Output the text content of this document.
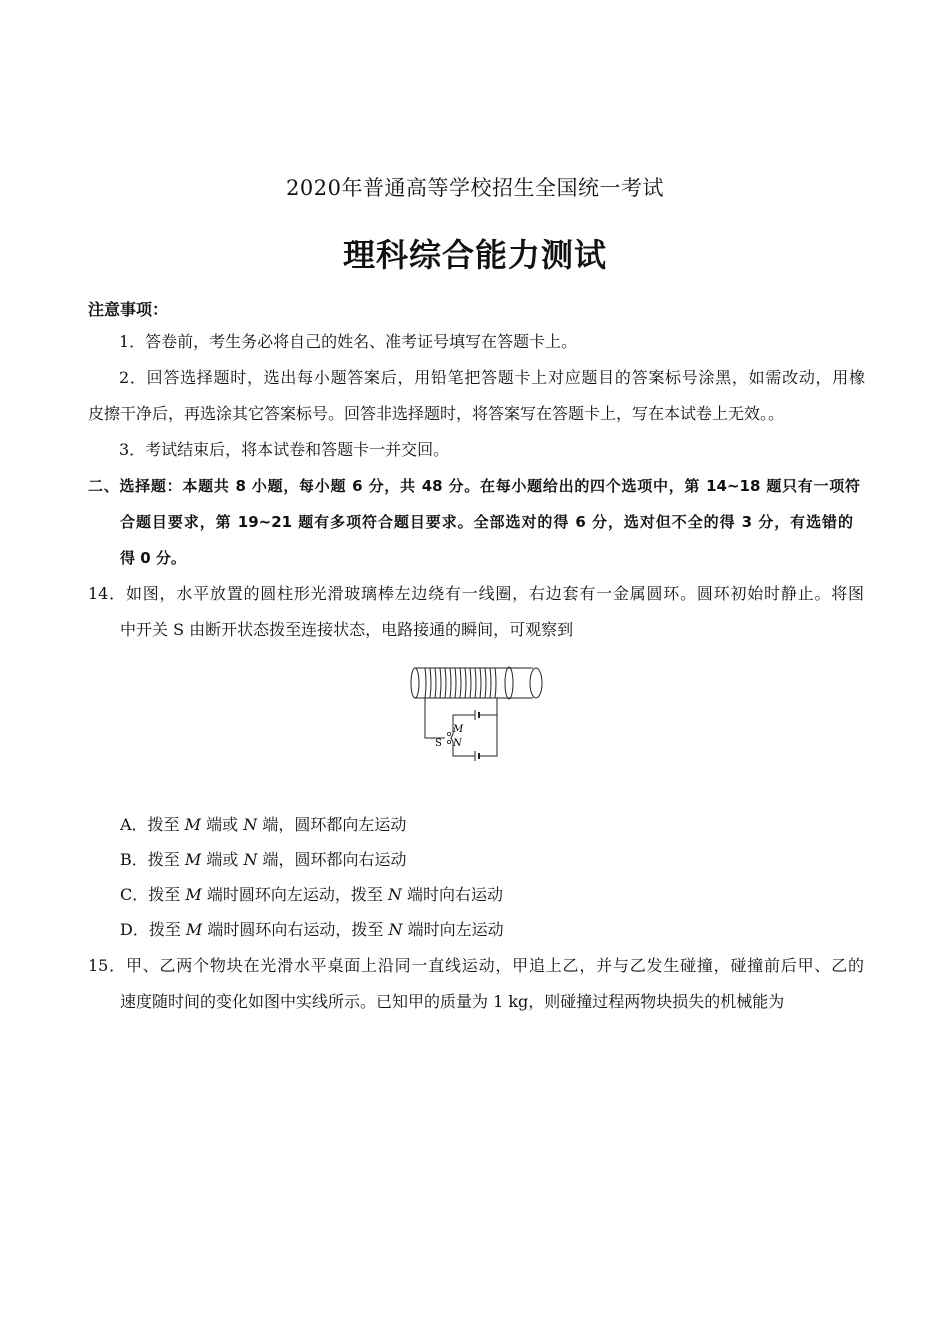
2020年普通高等学校招生全国统一考试
理科综合能力测试
注意事项：
1．答卷前，考生务必将自己的姓名、准考证号填写在答题卡上。
2．回答选择题时，选出每小题答案后，用铅笔把答题卡上对应题目的答案标号涂黑，如需改动，用橡
皮擦干净后，再选涂其它答案标号。回答非选择题时，将答案写在答题卡上，写在本试卷上无效。。
3．考试结束后，将本试卷和答题卡一并交回。
二、选择题：本题共 8 小题，每小题 6 分，共 48 分。在每小题给出的四个选项中，第 14~18 题只有一项符
合题目要求，第 19~21 题有多项符合题目要求。全部选对的得 6 分，选对但不全的得 3 分，有选错的
得 0 分。
14．如图，水平放置的圆柱形光滑玻璃棒左边绕有一线圈，右边套有一金属圆环。圆环初始时静止。将图
中开关 S 由断开状态拨至连接状态，电路接通的瞬间，可观察到
M
N
S
A．拨至 M 端或 N 端，圆环都向左运动
B．拨至 M 端或 N 端，圆环都向右运动
C．拨至 M 端时圆环向左运动，拨至 N 端时向右运动
D．拨至 M 端时圆环向右运动，拨至 N 端时向左运动
15．甲、乙两个物块在光滑水平桌面上沿同一直线运动，甲追上乙，并与乙发生碰撞，碰撞前后甲、乙的
速度随时间的变化如图中实线所示。已知甲的质量为 1 kg，则碰撞过程两物块损失的机械能为
